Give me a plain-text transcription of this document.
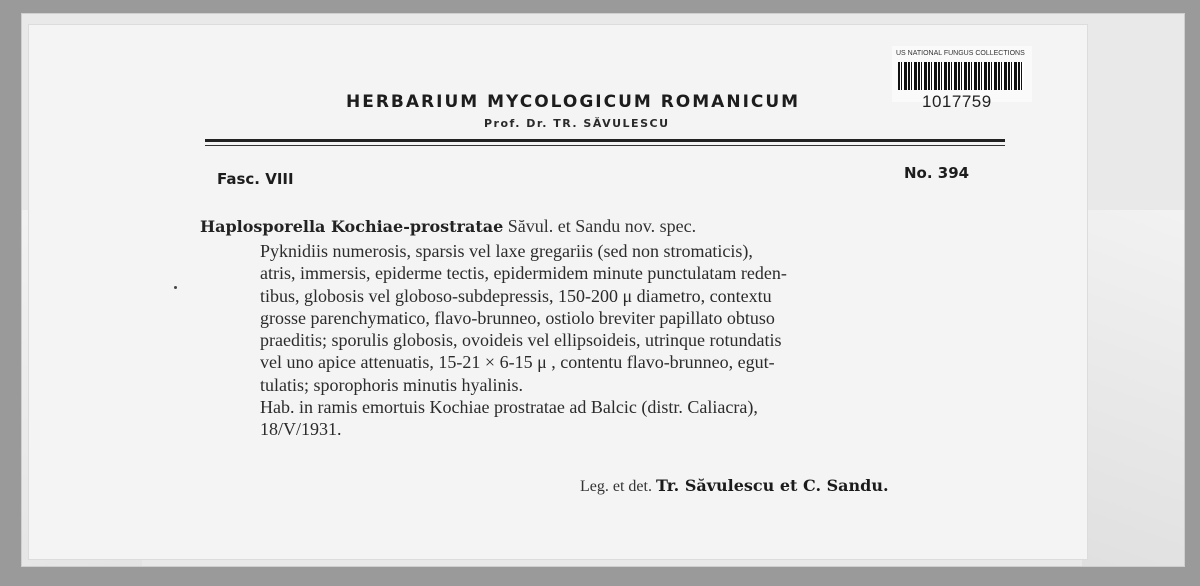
US NATIONAL FUNGUS COLLECTIONS
1017759
HERBARIUM MYCOLOGICUM ROMANICUM
Prof. Dr. TR. SĂVULESCU
Fasc. VIII	No. 394
Haplosporella Kochiae-prostratae Săvul. et Sandu nov. spec.
Pyknidiis numerosis, sparsis vel laxe gregariis (sed non stromaticis),
atris, immersis, epiderme tectis, epidermidem minute punctulatam reden-
tibus, globosis vel globoso-subdepressis, 150-200 μ diametro, contextu
grosse parenchymatico, flavo-brunneo, ostiolo breviter papillato obtuso
praeditis; sporulis globosis, ovoideis vel ellipsoideis, utrinque rotundatis
vel uno apice attenuatis, 15-21 × 6-15 μ , contentu flavo-brunneo, egut-
tulatis; sporophoris minutis hyalinis.
Hab. in ramis emortuis Kochiae prostratae ad Balcic (distr. Caliacra),
18/V/1931.
Leg. et det. Tr. Săvulescu et C. Sandu.
